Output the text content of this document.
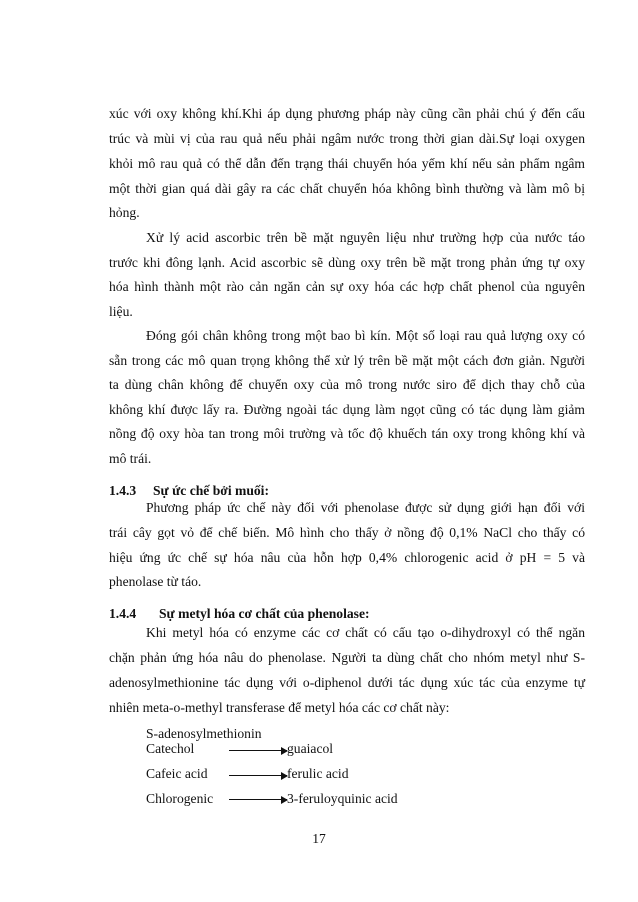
xúc với oxy không khí.Khi áp dụng phương pháp này cũng cần phải chú ý đến cấu
trúc và mùi vị của rau quả nếu phải ngâm nước trong thời gian dài.Sự loại oxygen
khỏi mô rau quả có thể dẫn đến trạng thái chuyển hóa yếm khí nếu sản phẩm ngâm
một thời gian quá dài gây ra các chất chuyển hóa không bình thường và làm mô bị
hỏng.
Xử lý acid ascorbic trên bề mặt nguyên liệu như trường hợp của nước táo
trước khi đông lạnh. Acid ascorbic sẽ dùng oxy trên bề mặt trong phản ứng tự oxy
hóa hình thành một rào cản ngăn cản sự oxy hóa các hợp chất phenol của nguyên
liệu.
Đóng gói chân không trong một bao bì kín. Một số loại rau quả lượng oxy có
sẵn trong các mô quan trọng không thể xử lý trên bề mặt một cách đơn giản. Người
ta dùng chân không để chuyển oxy của mô trong nước siro để dịch thay chỗ của
không khí được lấy ra. Đường ngoài tác dụng làm ngọt cũng có tác dụng làm giảm
nồng độ oxy hòa tan trong môi trường và tốc độ khuếch tán oxy trong không khí và
mô trái.
1.4.3 Sự ức chế bởi muối:
Phương pháp ức chế này đối với phenolase được sử dụng giới hạn đối với
trái cây gọt vỏ để chế biến. Mô hình cho thấy ở nồng độ 0,1% NaCl cho thấy có
hiệu ứng ức chế sự hóa nâu của hỗn hợp 0,4% chlorogenic acid ở pH = 5 và
phenolase từ táo.
1.4.4 Sự metyl hóa cơ chất của phenolase:
Khi metyl hóa có enzyme các cơ chất có cấu tạo o-dihydroxyl có thể ngăn
chặn phản ứng hóa nâu do phenolase. Người ta dùng chất cho nhóm metyl như S-
adenosylmethionine tác dụng với o-diphenol dưới tác dụng xúc tác của enzyme tự
nhiên meta-o-methyl transferase để metyl hóa các cơ chất này:
S-adenosylmethionin
Catechol → guaiacol
Cafeic acid → ferulic acid
Chlorogenic → 3-feruloyquinic acid
17
